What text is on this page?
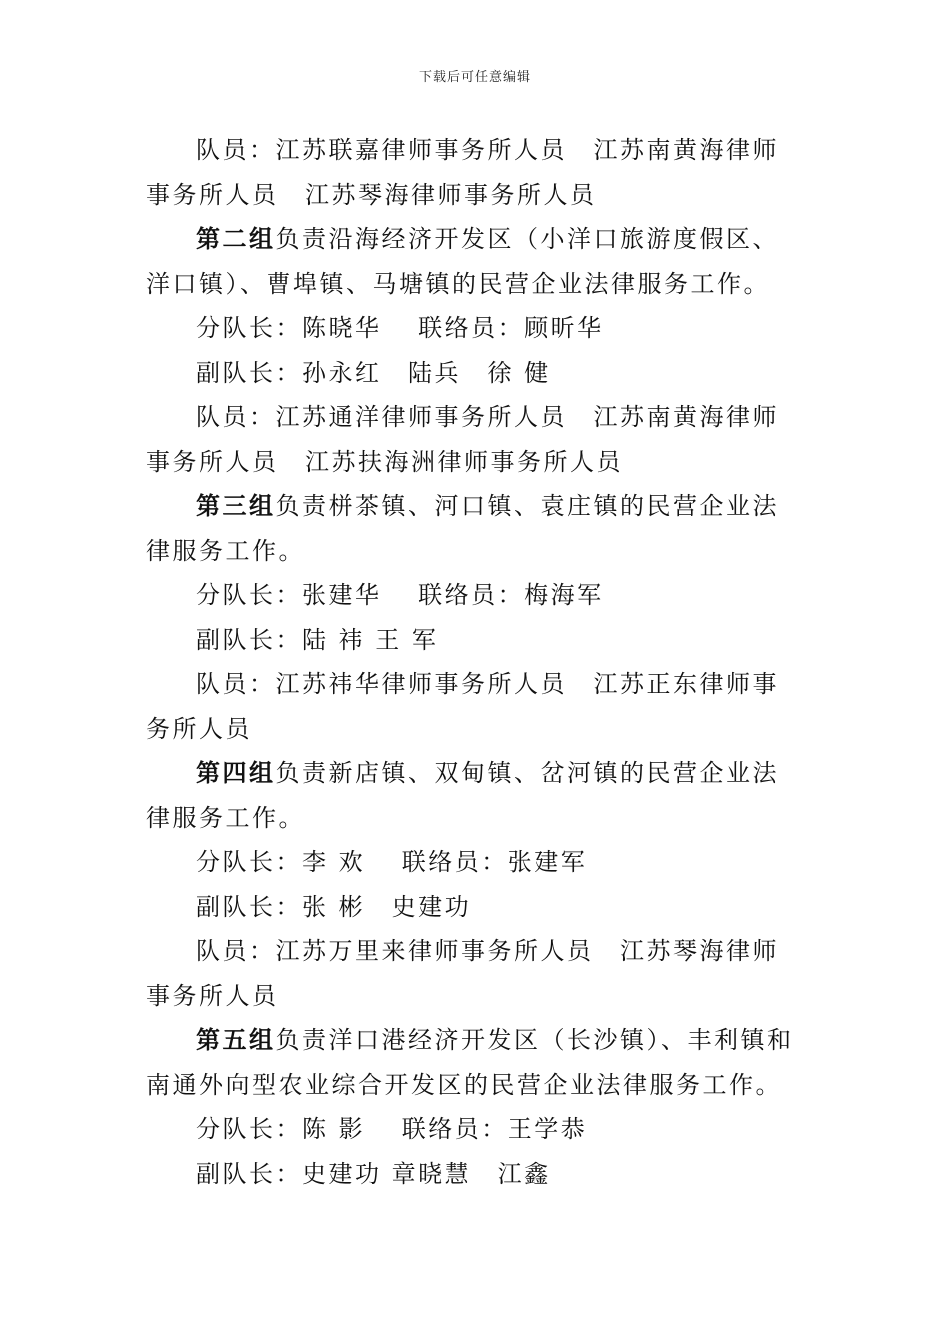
下载后可任意编辑

队员：江苏联嘉律师事务所人员　江苏南黄海律师事务所人员　江苏琴海律师事务所人员

第二组负责沿海经济开发区（小洋口旅游度假区、洋口镇）、曹埠镇、马塘镇的民营企业法律服务工作。

分队长：陈晓华　 联络员：顾昕华

副队长：孙永红　陆兵　徐 健

队员：江苏通洋律师事务所人员　江苏南黄海律师事务所人员　江苏扶海洲律师事务所人员

第三组负责栟茶镇、河口镇、袁庄镇的民营企业法律服务工作。

分队长：张建华　 联络员：梅海军

副队长：陆 祎 王 军

队员：江苏祎华律师事务所人员　江苏正东律师事务所人员

第四组负责新店镇、双甸镇、岔河镇的民营企业法律服务工作。

分队长：李 欢　 联络员：张建军

副队长：张 彬　史建功

队员：江苏万里来律师事务所人员　江苏琴海律师事务所人员

第五组负责洋口港经济开发区（长沙镇）、丰利镇和南通外向型农业综合开发区的民营企业法律服务工作。

分队长：陈 影　 联络员：王学恭

副队长：史建功 章晓慧　江鑫
